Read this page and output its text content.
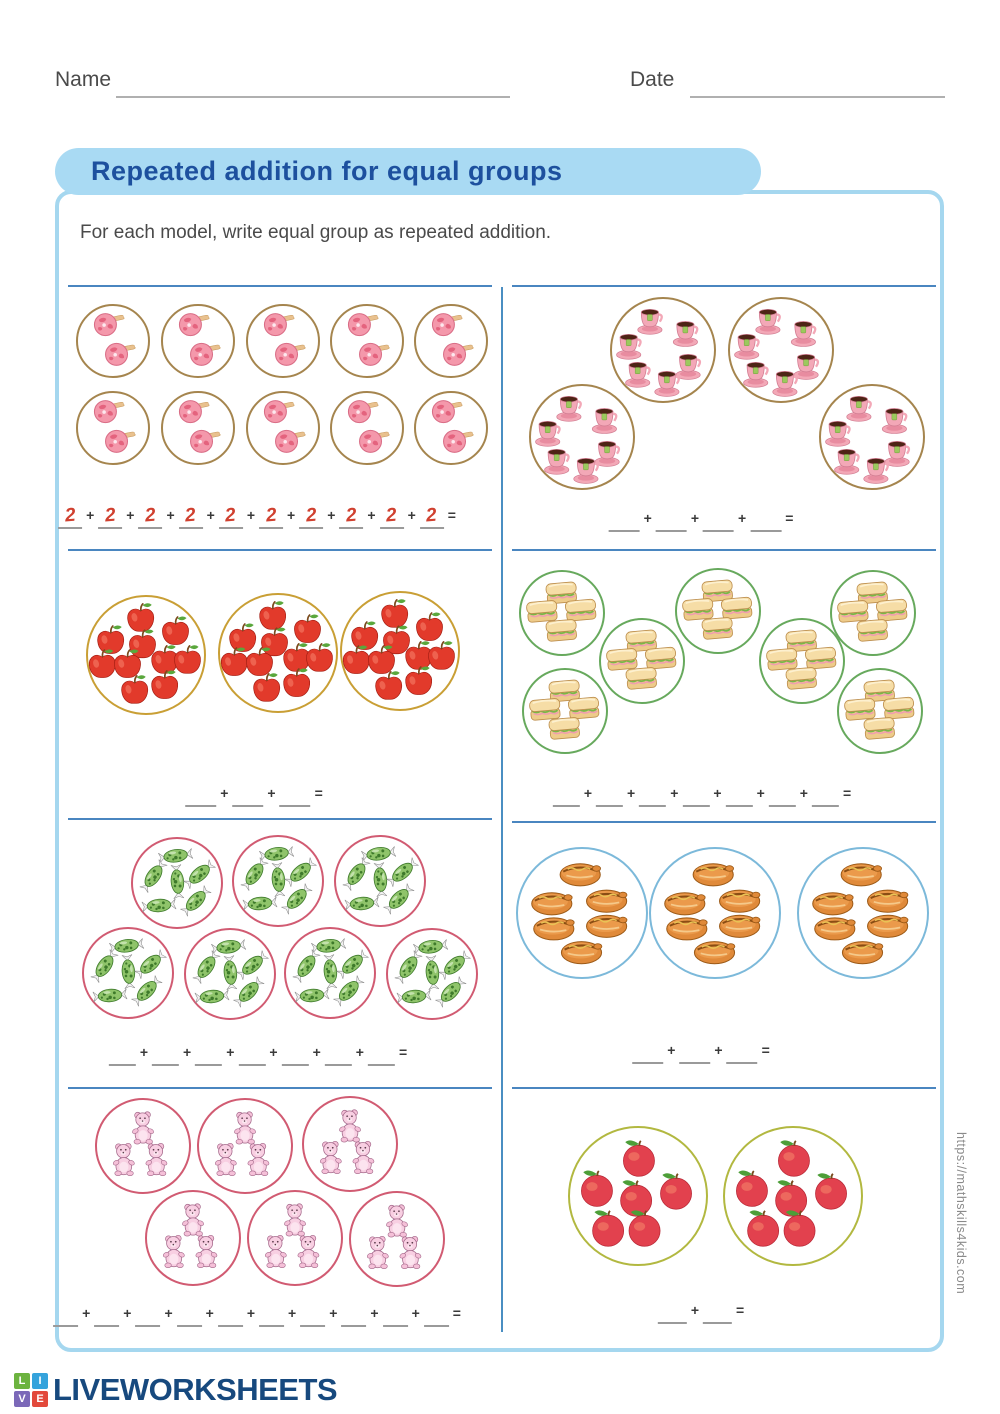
Name	Date
Repeated addition for equal groups
For each model, write equal group as repeated addition.
2 + 2 + 2 + 2 + 2 + 2 + 2 + 2 + 2 + 2 =	+	+	+	=
+	+	=	+	+	+	+	+	+	=
+	+	+	+	+	+	=	+	+	=
+ + + + + + + + + =	+	=
https://mathskills4kids.com
L	I
V E LIVEWORKSHEETS
